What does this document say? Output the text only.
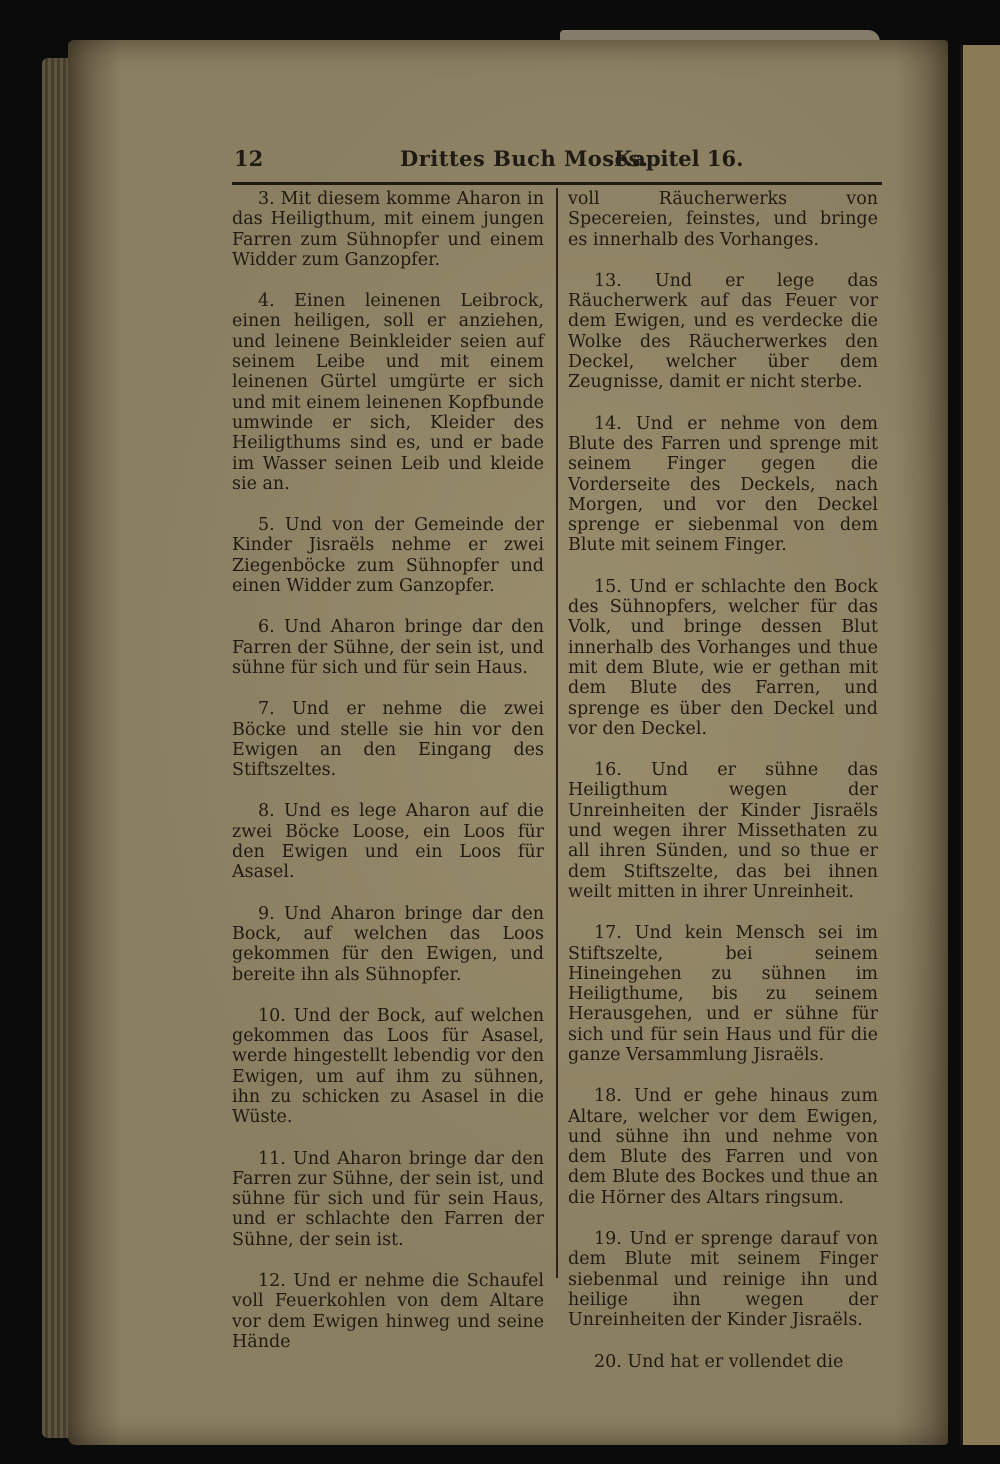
12	Drittes Buch Moses.
Kapitel 16.

3. Mit diesem komme Aharon in das Heiligthum, mit einem jungen Farren zum Sühnopfer und einem Widder zum Ganzopfer.

4. Einen leinenen Leibrock, einen heiligen, soll er anziehen, und leinene Beinkleider seien auf seinem Leibe und mit einem leinenen Gürtel umgürte er sich und mit einem leinenen Kopfbunde umwinde er sich, Kleider des Heiligthums sind es, und er bade im Wasser seinen Leib und kleide sie an.

5. Und von der Gemeinde der Kinder Jisraëls nehme er zwei Ziegenböcke zum Sühnopfer und einen Widder zum Ganzopfer.

6. Und Aharon bringe dar den Farren der Sühne, der sein ist, und sühne für sich und für sein Haus.

7. Und er nehme die zwei Böcke und stelle sie hin vor den Ewigen an den Eingang des Stiftszeltes.

8. Und es lege Aharon auf die zwei Böcke Loose, ein Loos für den Ewigen und ein Loos für Asasel.

9. Und Aharon bringe dar den Bock, auf welchen das Loos gekommen für den Ewigen, und bereite ihn als Sühnopfer.

10. Und der Bock, auf welchen gekommen das Loos für Asasel, werde hingestellt lebendig vor den Ewigen, um auf ihm zu sühnen, ihn zu schicken zu Asasel in die Wüste.

11. Und Aharon bringe dar den Farren zur Sühne, der sein ist, und sühne für sich und für sein Haus, und er schlachte den Farren der Sühne, der sein ist.

12. Und er nehme die Schaufel voll Feuerkohlen von dem Altare vor dem Ewigen hinweg und seine Hände

voll Räucherwerks von Specereien, feinstes, und bringe es innerhalb des Vorhanges.

13. Und er lege das Räucherwerk auf das Feuer vor dem Ewigen, und es verdecke die Wolke des Räucherwerkes den Deckel, welcher über dem Zeugnisse, damit er nicht sterbe.

14. Und er nehme von dem Blute des Farren und sprenge mit seinem Finger gegen die Vorderseite des Deckels, nach Morgen, und vor den Deckel sprenge er siebenmal von dem Blute mit seinem Finger.

15. Und er schlachte den Bock des Sühnopfers, welcher für das Volk, und bringe dessen Blut innerhalb des Vorhanges und thue mit dem Blute, wie er gethan mit dem Blute des Farren, und sprenge es über den Deckel und vor den Deckel.

16. Und er sühne das Heiligthum wegen der Unreinheiten der Kinder Jisraëls und wegen ihrer Missethaten zu all ihren Sünden, und so thue er dem Stiftszelte, das bei ihnen weilt mitten in ihrer Unreinheit.

17. Und kein Mensch sei im Stiftszelte, bei seinem Hineingehen zu sühnen im Heiligthume, bis zu seinem Herausgehen, und er sühne für sich und für sein Haus und für die ganze Versammlung Jisraëls.

18. Und er gehe hinaus zum Altare, welcher vor dem Ewigen, und sühne ihn und nehme von dem Blute des Farren und von dem Blute des Bockes und thue an die Hörner des Altars ringsum.

19. Und er sprenge darauf von dem Blute mit seinem Finger siebenmal und reinige ihn und heilige ihn wegen der Unreinheiten der Kinder Jisraëls.

20. Und hat er vollendet die
